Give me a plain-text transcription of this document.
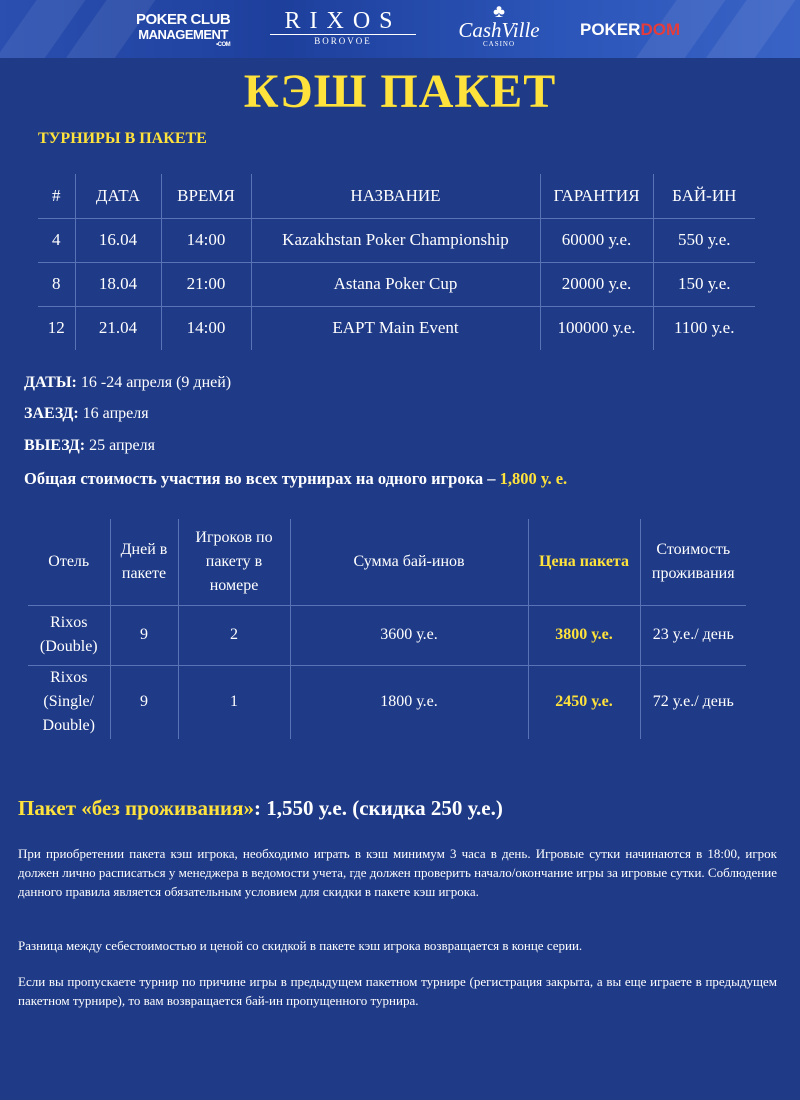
POKER CLUB
MANAGEMENT
•COM
RIXOS
BOROVOE
♣
CashVille
CASINO
POKERDOM
КЭШ ПАКЕТ
ТУРНИРЫ В ПАКЕТЕ
#	ДАТА	ВРЕМЯ	НАЗВАНИЕ	ГАРАНТИЯ	БАЙ-ИН
4	16.04	14:00	Kazakhstan Poker Championship	60000 у.е.	550 у.е.
8	18.04	21:00	Astana Poker Cup	20000 у.е.	150 у.е.
12	21.04	14:00	EAPT Main Event	100000 у.е.	1100 у.е.
ДАТЫ: 16 -24 апреля (9 дней)
ЗАЕЗД: 16 апреля
ВЫЕЗД: 25 апреля
Общая стоимость участия во всех турнирах на одного игрока – 1,800 у. е.
Отель	Дней в пакете	Игроков по пакету в номере	Сумма бай-инов	Цена пакета	Стоимость проживания
Rixos (Double)	9	2	3600 у.е.	3800 у.е.	23 у.е./ день
Rixos (Single/ Double)	9	1	1800 у.е.	2450 у.е.	72 у.е./ день
Пакет «без проживания»: 1,550 у.е. (скидка 250 у.е.)
При приобретении пакета кэш игрока, необходимо играть в кэш минимум 3 часа в день. Игровые сутки начинаются в 18:00, игрок должен лично расписаться у менеджера в ведомости учета, где должен проверить начало/окончание игры за игровые сутки. Соблюдение данного правила является обязательным условием для скидки в пакете кэш игрока.
Разница между себестоимостью и ценой со скидкой в пакете кэш игрока возвращается в конце серии.
Если вы пропускаете турнир по причине игры в предыдущем пакетном турнире (регистрация закрыта, а вы еще играете в предыдущем пакетном турнире), то вам возвращается бай-ин пропущенного турнира.
